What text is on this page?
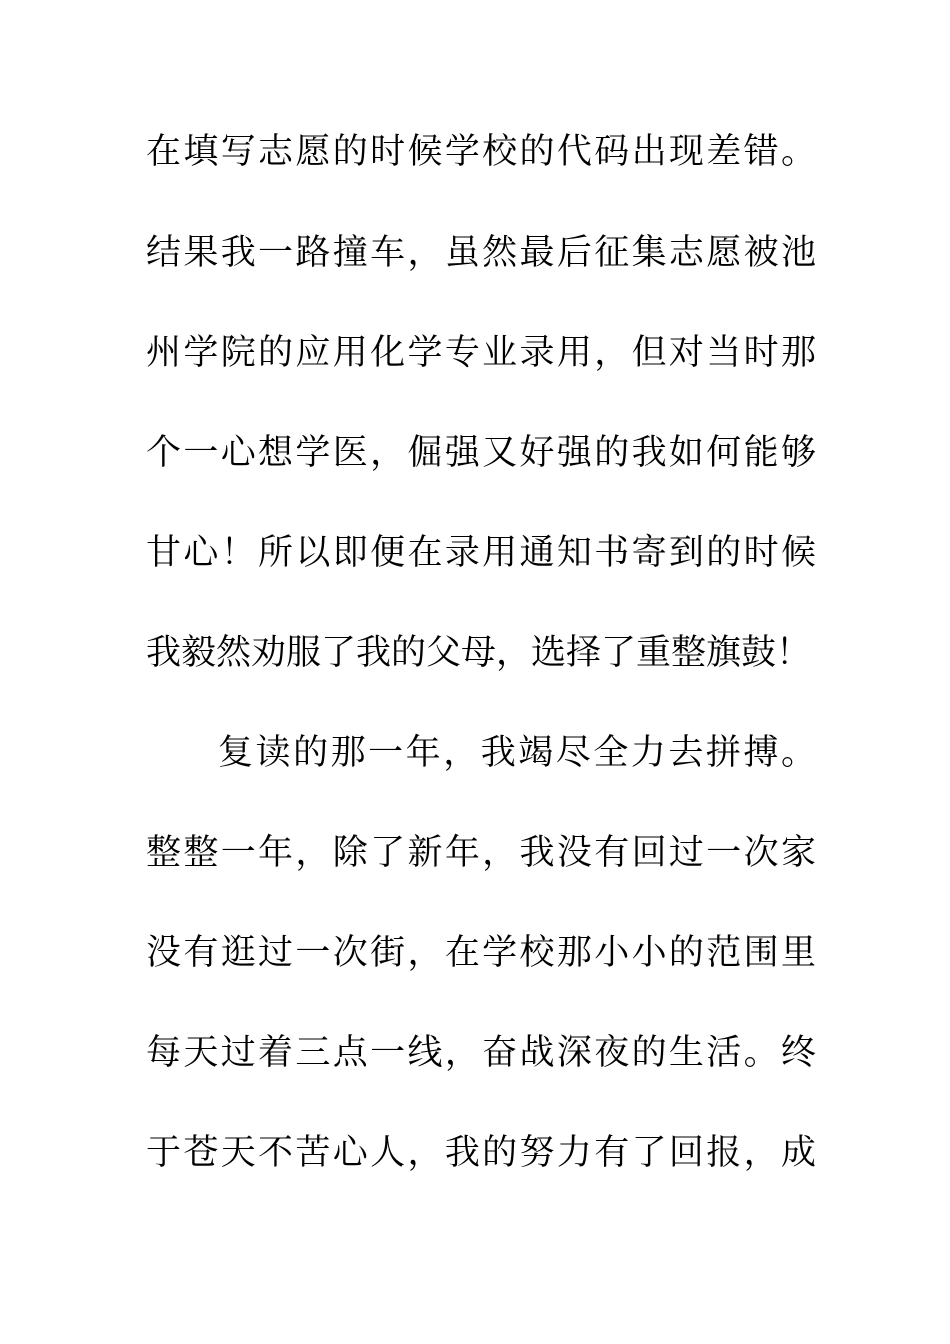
在填写志愿的时候学校的代码出现差错。
结果我一路撞车，虽然最后征集志愿被池
州学院的应用化学专业录用，但对当时那
个一心想学医，倔强又好强的我如何能够
甘心！所以即便在录用通知书寄到的时候
我毅然劝服了我的父母，选择了重整旗鼓！
复读的那一年，我竭尽全力去拼搏。
整整一年，除了新年，我没有回过一次家
没有逛过一次街，在学校那小小的范围里
每天过着三点一线，奋战深夜的生活。终
于苍天不苦心人，我的努力有了回报，成
